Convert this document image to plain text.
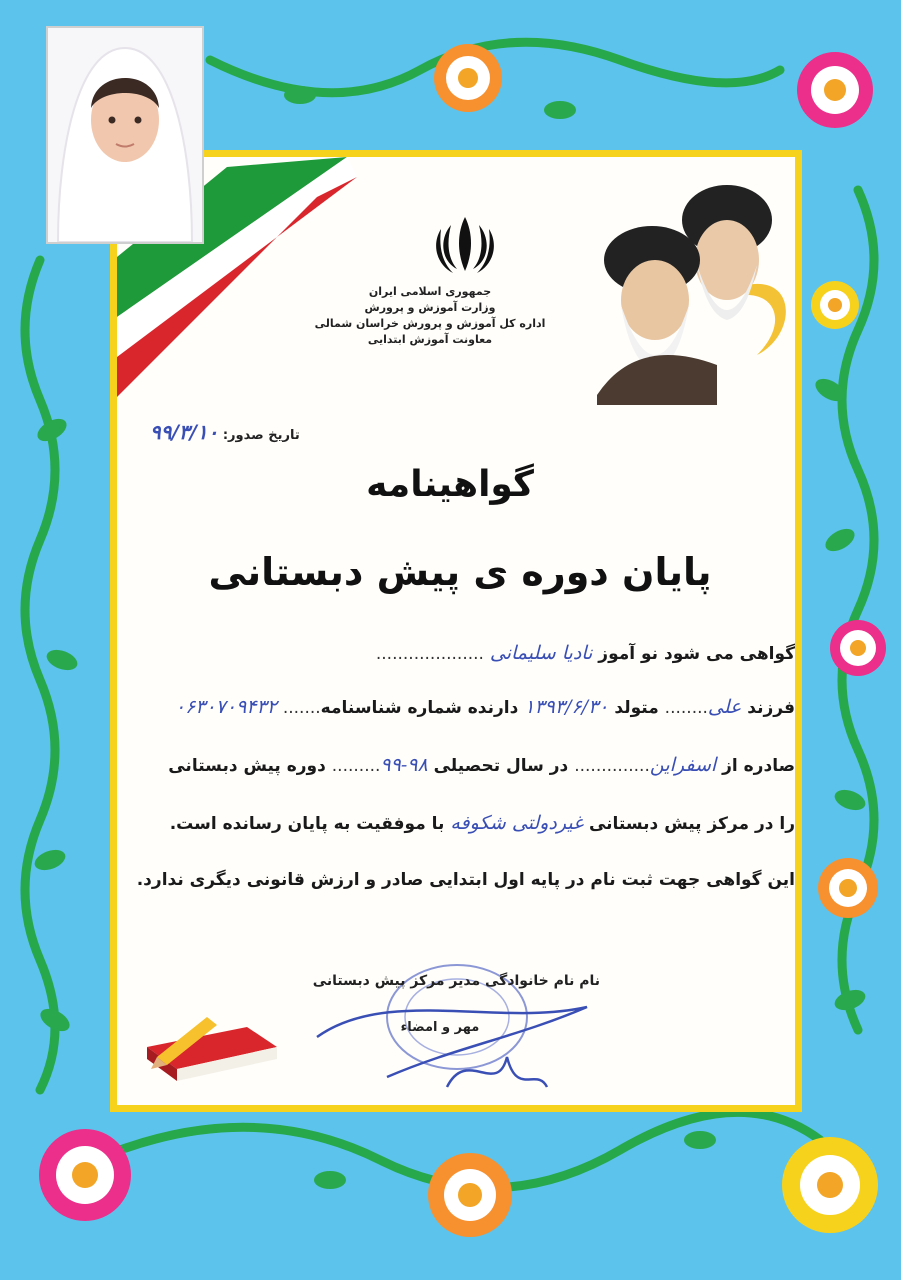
جمهوری اسلامی ایران
وزارت آموزش و پرورش
اداره کل آموزش و پرورش خراسان شمالی
معاونت آموزش ابتدایی
تاریخ صدور: ۹۹/۳/۱۰
گواهینامه
پایان دوره ی پیش دبستانی
گواهی می شود نو آموز نادیا سلیمانی ....................
فرزند علی........ متولد ۱۳۹۳/۶/۳۰ دارنده شماره شناسنامه....... ۰۶۳۰۷۰۹۴۳۲
صادره از اسفراین.............. در سال تحصیلی ۹۸-۹۹......... دوره پیش دبستانی
را در مرکز پیش دبستانی غیردولتی شکوفه با موفقیت به پایان رسانده است.
این گواهی جهت ثبت نام در پایه اول ابتدایی صادر و ارزش قانونی دیگری ندارد.
نام نام خانوادگی مدیر مرکز پیش دبستانی
مهر و امضاء
